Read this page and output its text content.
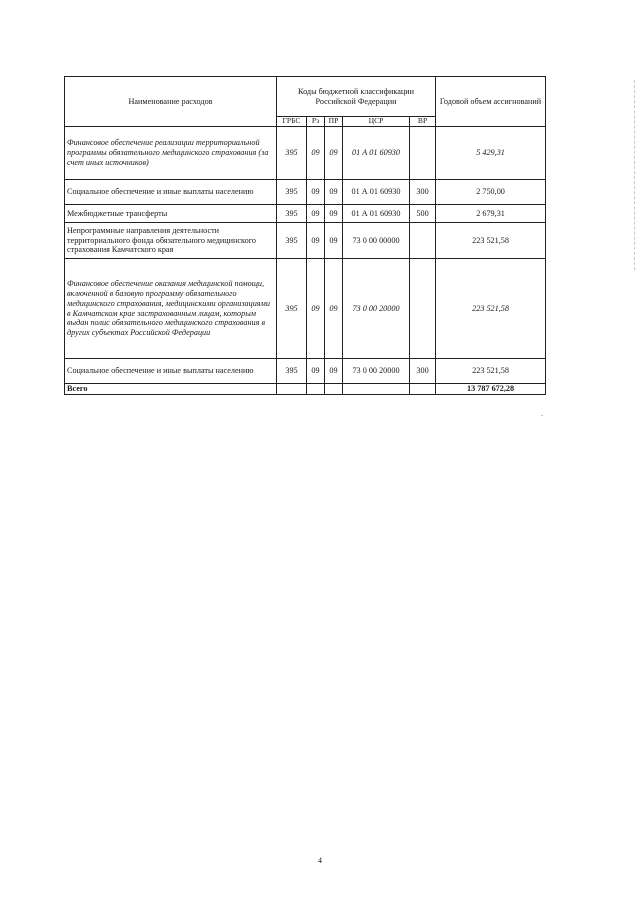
Наименование расходов	Коды бюджетной классификации Российской Федерации					Годовой объем ассигнований
	ГРБС	Рз	ПР	ЦСР	ВР	
Финансовое обеспечение реализации территориальной программы обязательного медицинского страхования (за счет иных источников)	395	09	09	01 А 01 60930		5 429,31
Социальное обеспечение и иные выплаты населению	395	09	09	01 А 01 60930	300	2 750,00
Межбюджетные трансферты	395	09	09	01 А 01 60930	500	2 679,31
Непрограммные направления деятельности территориального фонда обязательного медицинского страхования Камчатского края	395	09	09	73 0 00 00000		223 521,58
Финансовое обеспечение оказания медицинской помощи, включенной в базовую программу обязательного медицинского страхования, медицинскими организациями в Камчатском крае застрахованным лицам, которым выдан полис обязательного медицинского страхования в других субъектах Российской Федерации	395	09	09	73 0 00 20000		223 521,58
Социальное обеспечение и иные выплаты населению	395	09	09	73 0 00 20000	300	223 521,58
Всего						13 787 672,28
·
4
